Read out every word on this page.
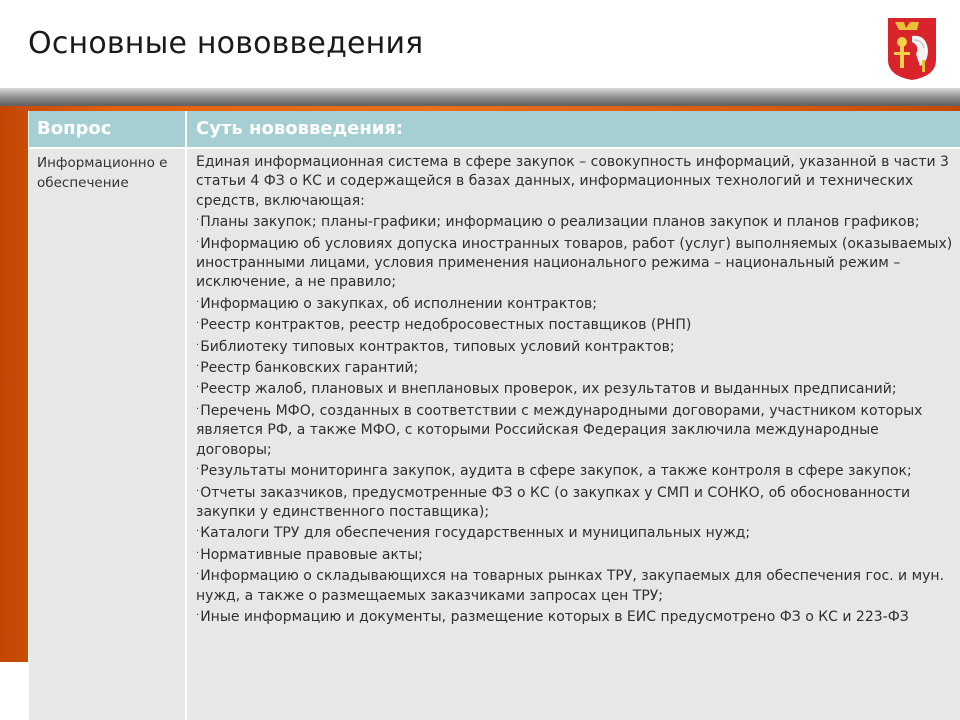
Основные нововведения
Вопрос	Суть нововведения:
Информационно е обеспечение

Единая информационная система в сфере закупок – совокупность информаций, указанной в части 3 статьи 4 ФЗ о КС и содержащейся в базах данных, информационных технологий и технических средств, включающая:

· Планы закупок; планы-графики; информацию о реализации планов закупок и планов графиков;

· Информацию об условиях допуска иностранных товаров, работ (услуг) выполняемых (оказываемых) иностранными лицами, условия применения национального режима – национальный режим – исключение, а не правило;

· Информацию о закупках, об исполнении контрактов;

· Реестр контрактов, реестр недобросовестных поставщиков (РНП)

· Библиотеку типовых контрактов, типовых условий контрактов;

· Реестр банковских гарантий;

· Реестр жалоб, плановых и внеплановых проверок, их результатов и выданных предписаний;

· Перечень МФО, созданных в соответствии с международными договорами, участником которых является РФ, а также МФО, с которыми Российская Федерация заключила международные договоры;

· Результаты мониторинга закупок, аудита в сфере закупок, а также контроля в сфере закупок;

· Отчеты заказчиков, предусмотренные ФЗ о КС (о закупках у СМП и СОНКО, об обоснованности закупки у единственного поставщика);

· Каталоги ТРУ для обеспечения государственных и муниципальных нужд;

· Нормативные правовые акты;

· Информацию о складывающихся на товарных рынках ТРУ, закупаемых для обеспечения гос. и мун. нужд, а также о размещаемых заказчиками запросах цен ТРУ;

· Иные информацию и документы, размещение которых в ЕИС предусмотрено ФЗ о КС и 223-ФЗ
